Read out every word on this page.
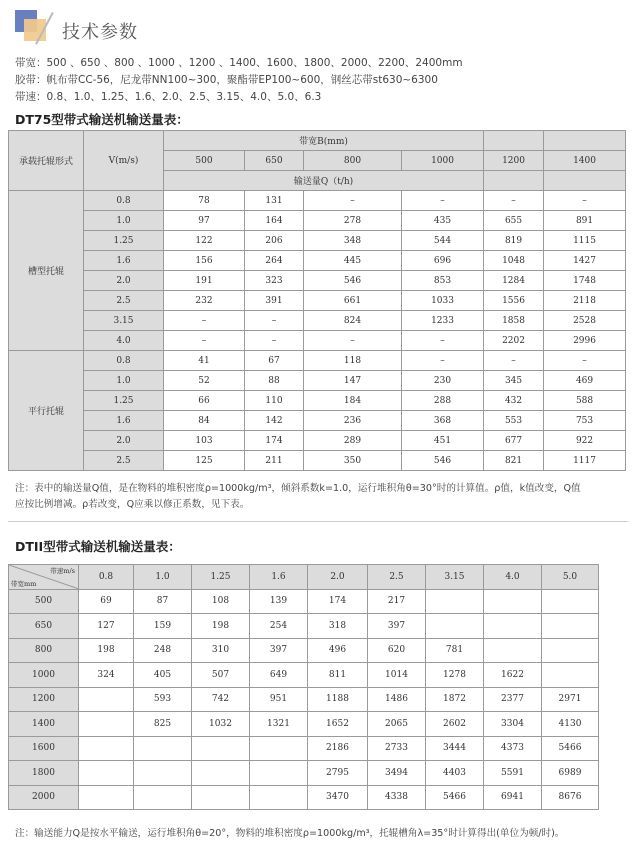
技术参数
带宽：500 、650 、800 、1000 、1200 、1400、1600、1800、2000、2200、2400mm
胶带：帆布带CC-56，尼龙带NN100~300，聚酯带EP100~600，钢丝芯带st630~6300
带速：0.8、1.0、1.25、1.6、2.0、2.5、3.15、4.0、5.0、6.3
DT75型带式输送机输送量表：
承载托辊形式	V(m/s)	带宽B(mm)					
		500	650	800	1000	1200	1400
		输送量Q（t/h)					
槽型托辊	0.8	78	131	–	–	–	–
	1.0	97	164	278	435	655	891
	1.25	122	206	348	544	819	1115
	1.6	156	264	445	696	1048	1427
	2.0	191	323	546	853	1284	1748
	2.5	232	391	661	1033	1556	2118
	3.15	–	–	824	1233	1858	2528
	4.0	–	–	–	–	2202	2996
平行托辊	0.8	41	67	118	–	–	–
	1.0	52	88	147	230	345	469
	1.25	66	110	184	288	432	588
	1.6	84	142	236	368	553	753
	2.0	103	174	289	451	677	922
	2.5	125	211	350	546	821	1117
注：表中的输送量Q值，是在物料的堆积密度ρ=1000kg/m³，倾斜系数k=1.0，运行堆积角θ=30°时的计算值。ρ值，k值改变，Q值
应按比例增减。ρ若改变，Q应乘以修正系数，见下表。
DTII型带式输送机输送量表：
带速m/s
带宽mm	0.8	1.0	1.25	1.6	2.0	2.5	3.15	4.0	5.0
500	69	87	108	139	174	217			
650	127	159	198	254	318	397			
800	198	248	310	397	496	620	781		
1000	324	405	507	649	811	1014	1278	1622	
1200		593	742	951	1188	1486	1872	2377	2971
1400		825	1032	1321	1652	2065	2602	3304	4130
1600					2186	2733	3444	4373	5466
1800					2795	3494	4403	5591	6989
2000					3470	4338	5466	6941	8676
注：输送能力Q是按水平输送，运行堆积角θ=20°，物料的堆积密度ρ=1000kg/m³，托辊槽角λ=35°时计算得出(单位为顿/时)。
